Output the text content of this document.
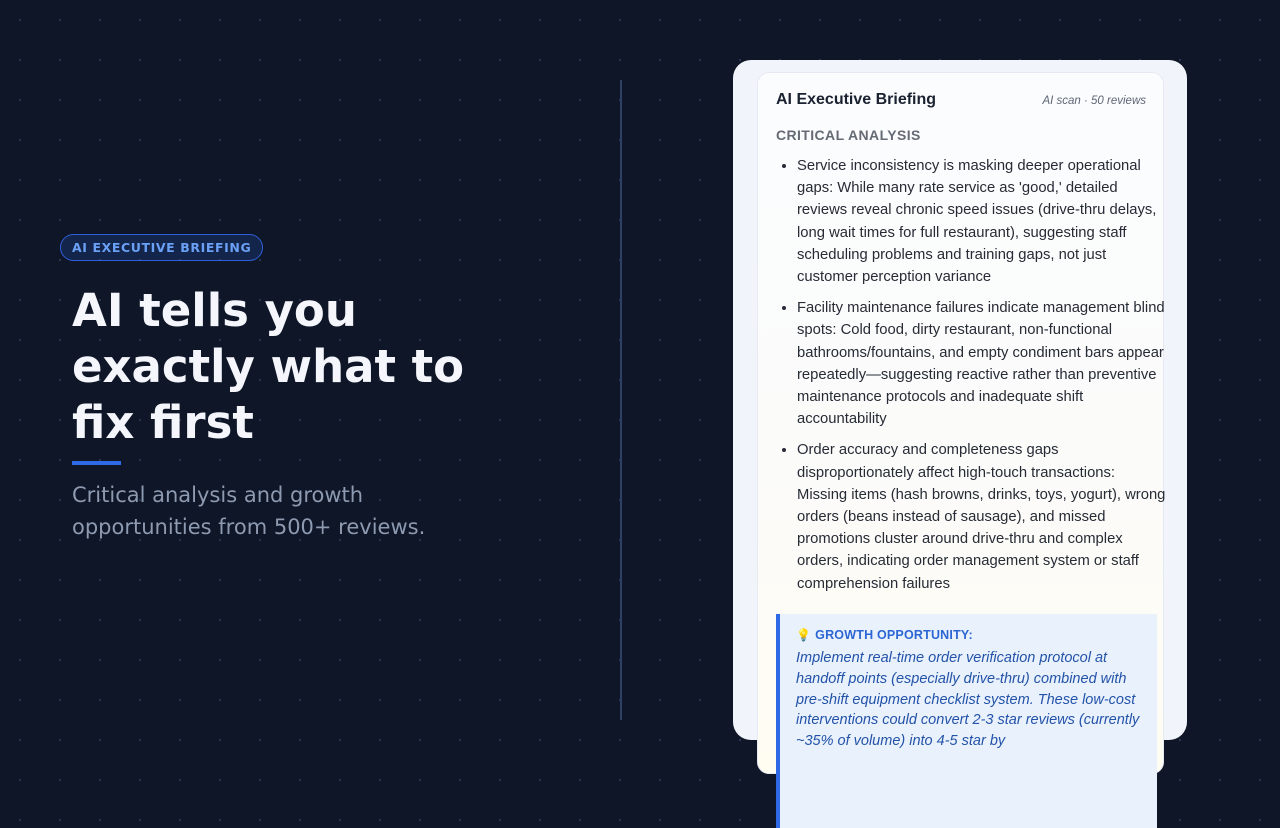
AI EXECUTIVE BRIEFING
AI tells you exactly what to fix first
Critical analysis and growth opportunities from 500+ reviews.
AI Executive Briefing	AI scan · 50 reviews
CRITICAL ANALYSIS
• Service inconsistency is masking deeper operational gaps: While many rate service as 'good,' detailed reviews reveal chronic speed issues (drive-thru delays, long wait times for full restaurant), suggesting staff scheduling problems and training gaps, not just customer perception variance
• Facility maintenance failures indicate management blind spots: Cold food, dirty restaurant, non-functional bathrooms/fountains, and empty condiment bars appear repeatedly—suggesting reactive rather than preventive maintenance protocols and inadequate shift accountability
• Order accuracy and completeness gaps disproportionately affect high-touch transactions: Missing items (hash browns, drinks, toys, yogurt), wrong orders (beans instead of sausage), and missed promotions cluster around drive-thru and complex orders, indicating order management system or staff comprehension failures
💡 GROWTH OPPORTUNITY:
Implement real-time order verification protocol at handoff points (especially drive-thru) combined with pre-shift equipment checklist system. These low-cost interventions could convert 2-3 star reviews (currently ~35% of volume) into 4-5 star by
